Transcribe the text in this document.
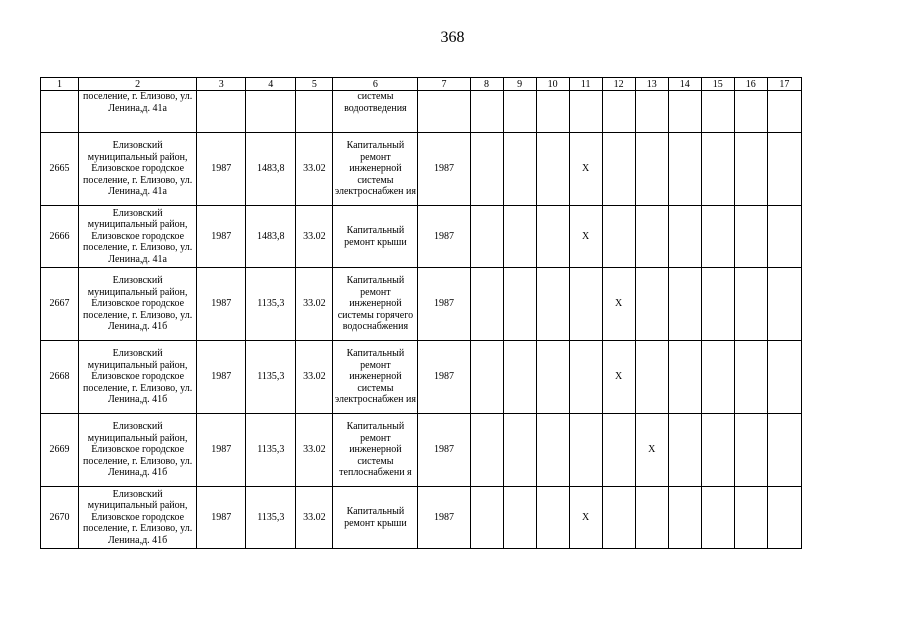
368
1	2	3	4	5	6	7	8	9	10	11	12	13	14	15	16	17
	поселение, г. Елизово, ул. Ленина,д. 41а				системы водоотведения											
2665	Елизовский муниципальный район, Елизовское городское поселение, г. Елизово, ул. Ленина,д. 41а	1987	1483,8	33.02	Капитальный ремонт инженерной системы электроснабжен ия	1987				X						
2666	Елизовский муниципальный район, Елизовское городское поселение, г. Елизово, ул. Ленина,д. 41а	1987	1483,8	33.02	Капитальный ремонт крыши	1987				X						
2667	Елизовский муниципальный район, Елизовское городское поселение, г. Елизово, ул. Ленина,д. 41б	1987	1135,3	33.02	Капитальный ремонт инженерной системы горячего водоснабжения	1987					X					
2668	Елизовский муниципальный район, Елизовское городское поселение, г. Елизово, ул. Ленина,д. 41б	1987	1135,3	33.02	Капитальный ремонт инженерной системы электроснабжен ия	1987					X					
2669	Елизовский муниципальный район, Елизовское городское поселение, г. Елизово, ул. Ленина,д. 41б	1987	1135,3	33.02	Капитальный ремонт инженерной системы теплоснабжени я	1987						X				
2670	Елизовский муниципальный район, Елизовское городское поселение, г. Елизово, ул. Ленина,д. 41б	1987	1135,3	33.02	Капитальный ремонт крыши	1987				X						
